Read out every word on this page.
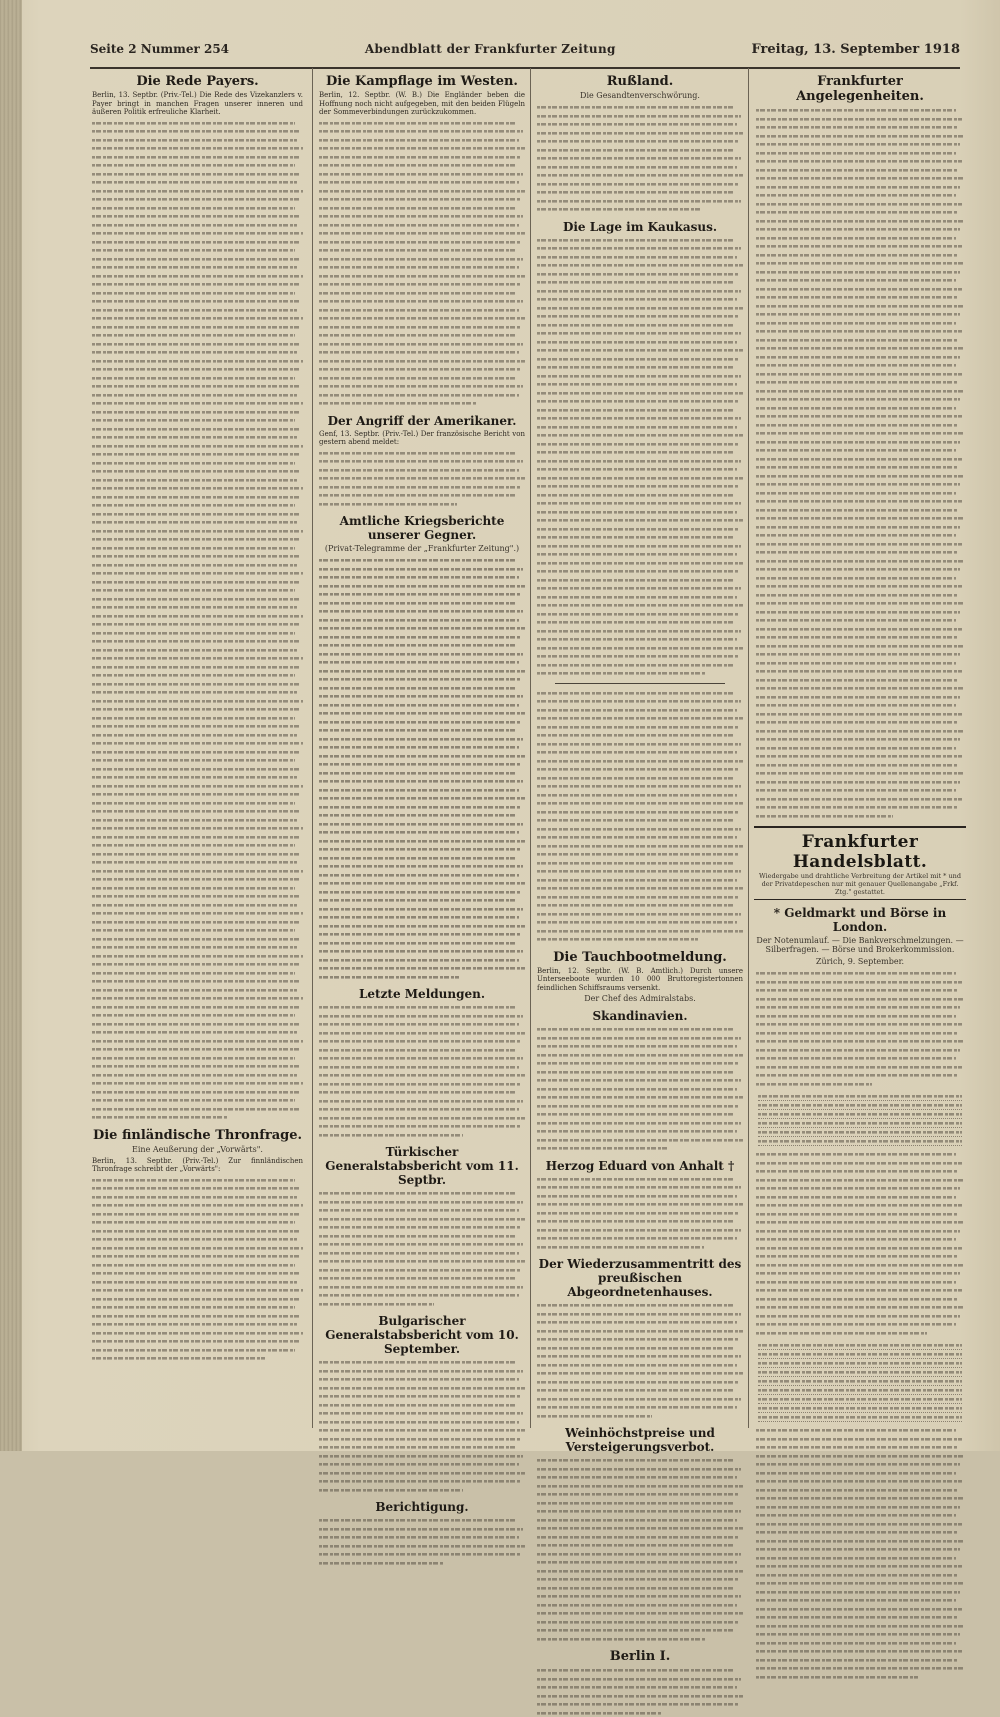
Seite 2 Nummer 254	Abendblatt der Frankfurter Zeitung	Freitag, 13. September 1918
Die Rede Payers.
Berlin, 13. Septbr. (Priv.-Tel.) Die Rede des Vizekanzlers v. Payer bringt in manchen Fragen unserer inneren und äußeren Politik erfreuliche Klarheit.
Die finländische Thronfrage.
Eine Aeußerung der „Vorwärts".
Berlin, 13. Septbr. (Priv.-Tel.) Zur finnländischen Thronfrage schreibt der „Vorwärts":
Die Kampflage im Westen.
Berlin, 12. Septbr. (W. B.) Die Engländer beben die Hoffnung noch nicht aufgegeben, mit den beiden Flügeln der Sommeverbindungen zurückzukommen.
Der Angriff der Amerikaner.
Genf, 13. Septbr. (Priv.-Tel.) Der französische Bericht von gestern abend meldet:
Amtliche Kriegsberichte unserer Gegner.
(Privat-Telegramme der „Frankfurter Zeitung".)
Letzte Meldungen.
Türkischer Generalstabsbericht vom 11. Septbr.
Bulgarischer Generalstabsbericht vom 10. September.
Berichtigung.
Rußland.
Die Gesandtenverschwörung.
Die Lage im Kaukasus.
Die Tauchbootmeldung.
Berlin, 12. Septbr. (W. B. Amtlich.) Durch unsere Unterseeboote wurden 10 000 Bruttoregistertonnen feindlichen Schiffsraums versenkt.
Der Chef des Admiralstabs.
Skandinavien.
Herzog Eduard von Anhalt †
Der Wiederzusammentritt des preußischen Abgeordnetenhauses.
Weinhöchstpreise und Versteigerungsverbot.
Berlin I.
Frankfurter Angelegenheiten.
Frankfurter Handelsblatt.
Wiedergabe und drahtliche Verbreitung der Artikel mit * und der Privatdepeschen nur mit genauer Quellenangabe „Frkf. Ztg." gestattet.
* Geldmarkt und Börse in London.
Der Notenumlauf. — Die Bankverschmelzungen. — Silberfragen. — Börse und Brokerkommission.
Zürich, 9. September.
